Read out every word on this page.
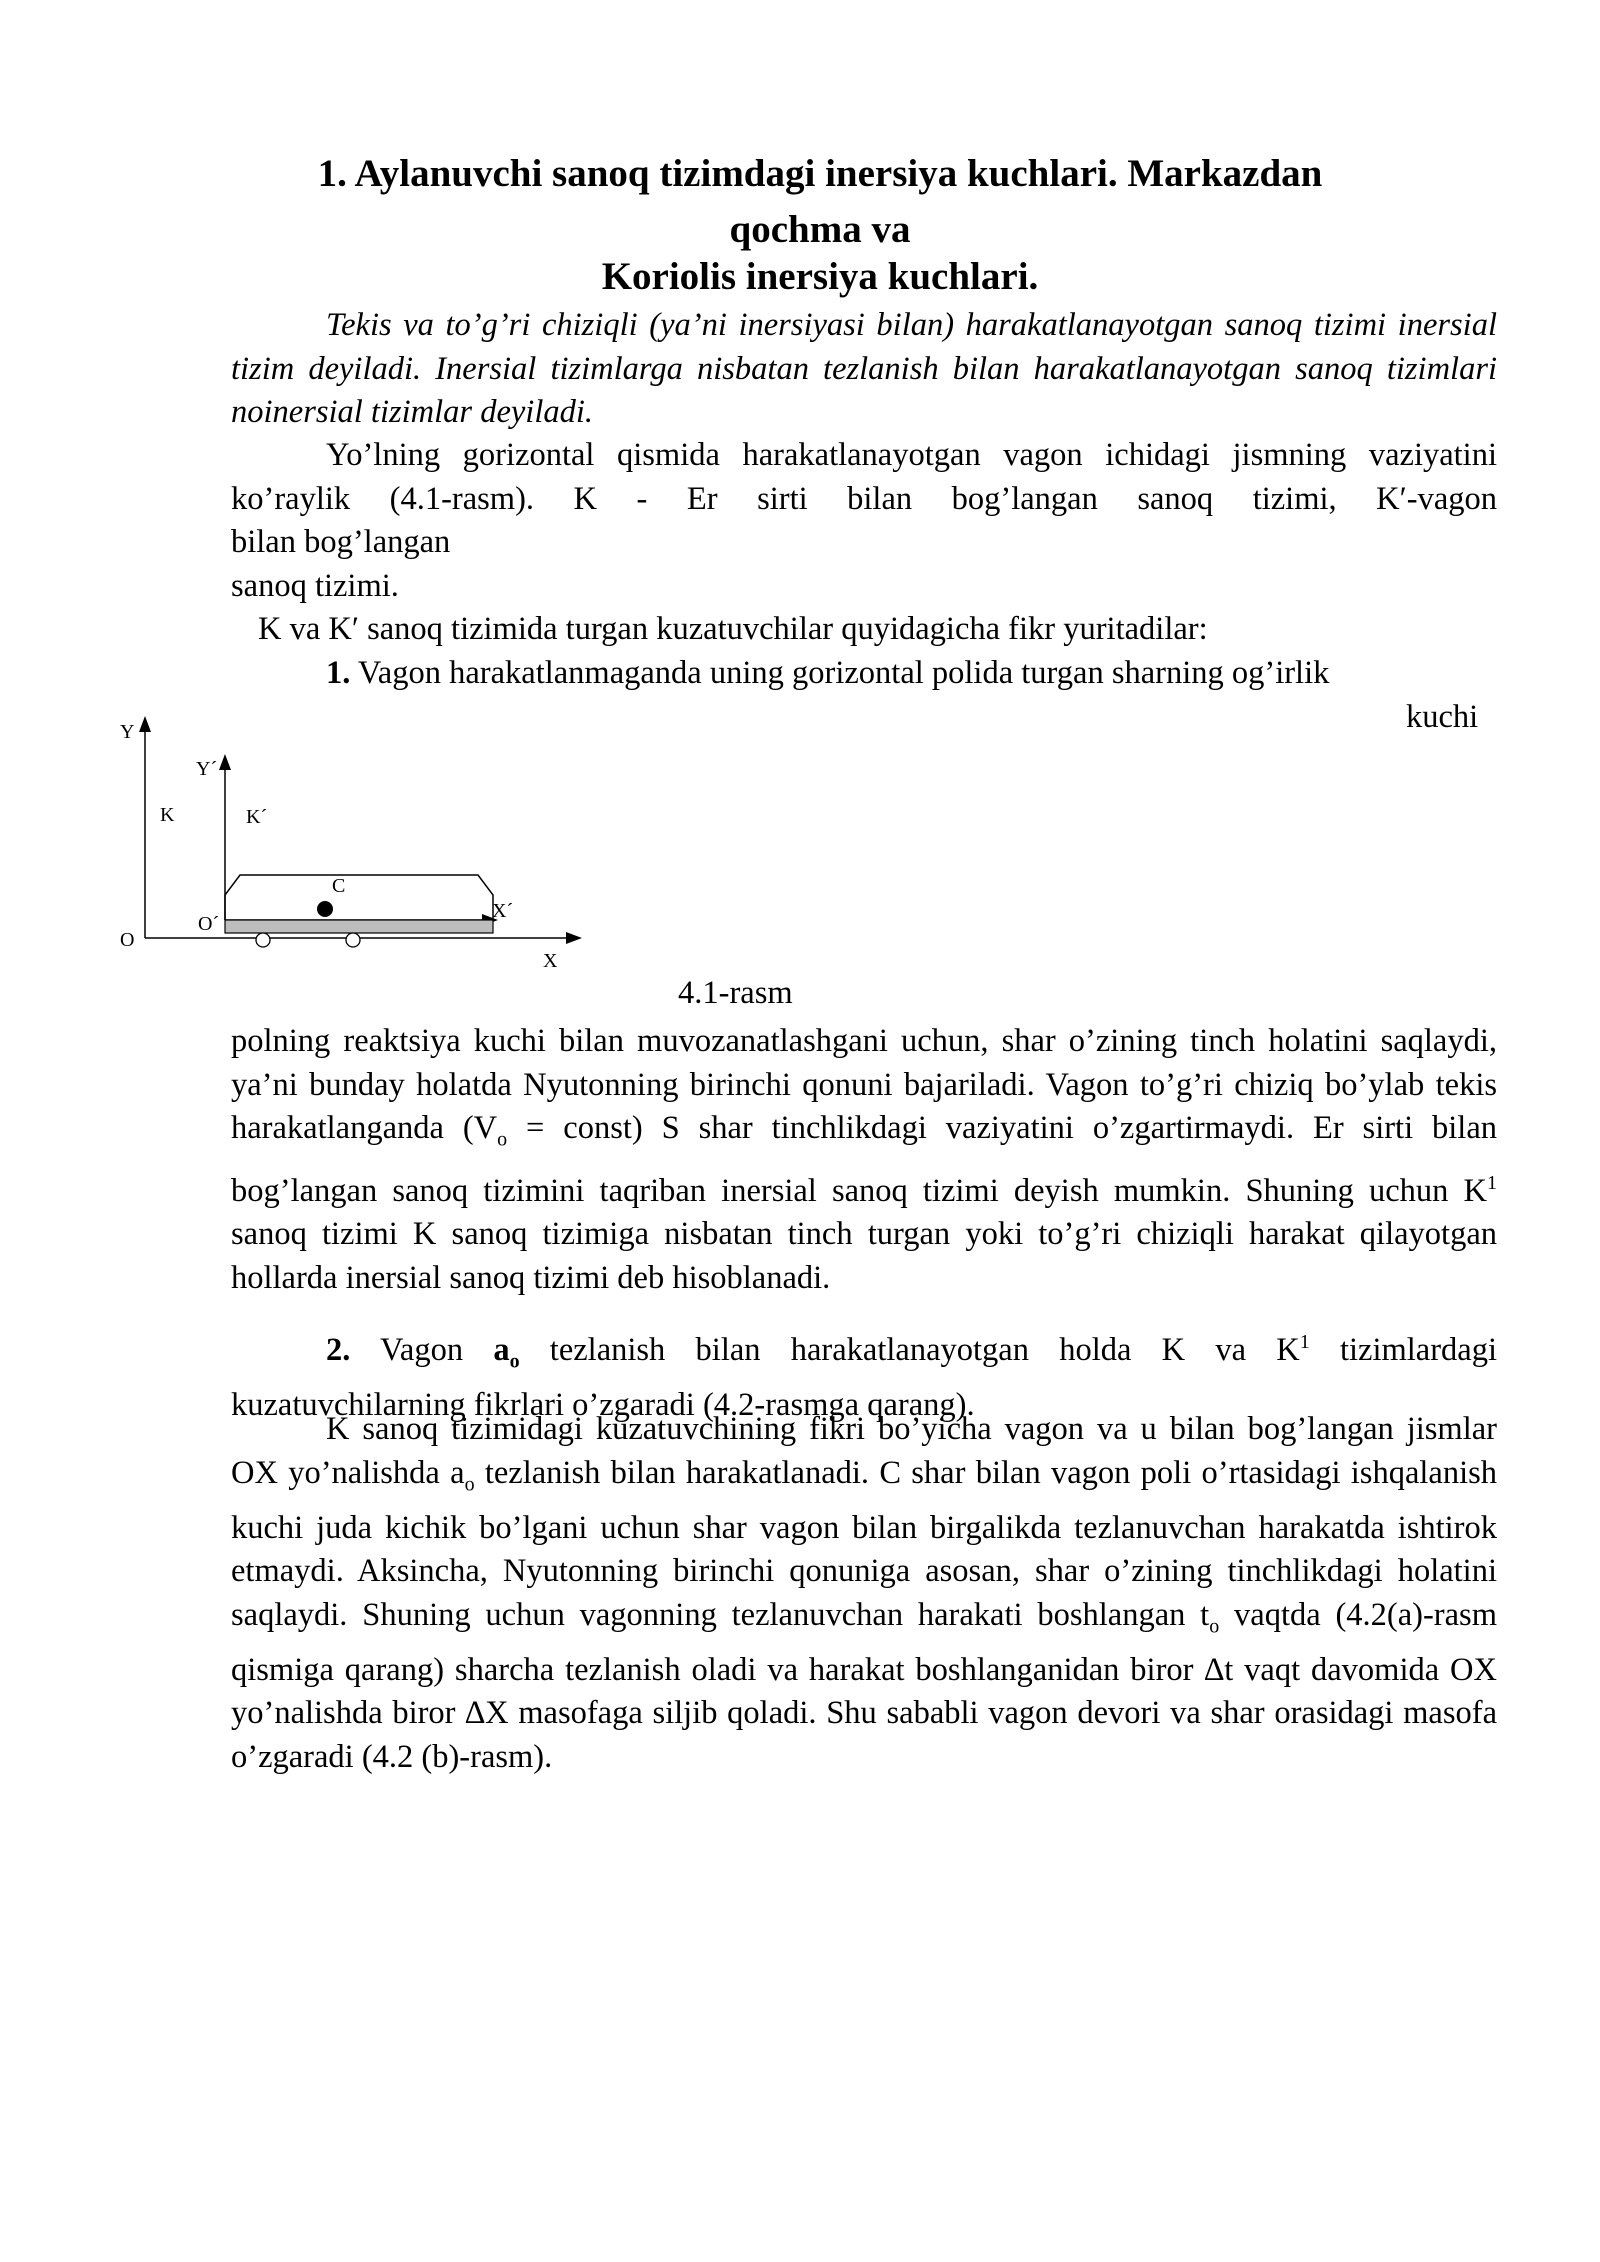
1. Aylanuvchi sanoq tizimdagi inersiya kuchlari. Markazdan
qochma va
Koriolis inersiya kuchlari.

Tekis va to’g’ri chiziqli (ya’ni inersiyasi bilan) harakatlanayotgan sanoq tizimi inersial tizim deyiladi. Inersial tizimlarga nisbatan tezlanish bilan harakatlanayotgan sanoq tizimlari noinersial tizimlar deyiladi.

Yo’lning gorizontal qismida harakatlanayotgan vagon ichidagi jismning vaziyatini ko’raylik (4.1-rasm). K - Er sirti bilan bog’langan sanoq tizimi, K′-vagon

bilan bog’langan

sanoq tizimi.

K va K′ sanoq tizimida turgan kuzatuvchilar quyidagicha fikr yuritadilar:

1. Vagon harakatlanmaganda uning gorizontal polida turgan sharning og’irlik

kuchi

Y
Y´
K	K´
C
X´
O
O´
X
4.1-rasm

polning reaktsiya kuchi bilan muvozanatlashgani uchun, shar o’zining tinch holatini saqlaydi, ya’ni bunday holatda Nyutonning birinchi qonuni bajariladi. Vagon to’g’ri chiziq bo’ylab tekis harakatlanganda ($V_o$ = const) S shar tinchlikdagi vaziyatini o’zgartirmaydi. Er sirti bilan bog’langan sanoq tizimini taqriban inersial sanoq tizimi deyish mumkin. Shuning uchun $K^1$ sanoq tizimi K sanoq tizimiga nisbatan tinch turgan yoki to’g’ri chiziqli harakat qilayotgan hollarda inersial sanoq tizimi deb hisoblanadi.

2. Vagon $a_o$ tezlanish bilan harakatlanayotgan holda K va $K^1$ tizimlardagi kuzatuvchilarning fikrlari o’zgaradi (4.2-rasmga qarang).

K sanoq tizimidagi kuzatuvchining fikri bo’yicha vagon va u bilan bog’langan jismlar OX yo’nalishda $a_o$ tezlanish bilan harakatlanadi. C shar bilan vagon poli o’rtasidagi ishqalanish kuchi juda kichik bo’lgani uchun shar vagon bilan birgalikda tezlanuvchan harakatda ishtirok etmaydi. Aksincha, Nyutonning birinchi qonuniga asosan, shar o’zining tinchlikdagi holatini saqlaydi. Shuning uchun vagonning tezlanuvchan harakati boshlangan $t_o$ vaqtda (4.2(a)-rasm qismiga qarang) sharcha tezlanish oladi va harakat boshlanganidan biror ∆t vaqt davomida OX yo’nalishda biror ∆X masofaga siljib qoladi. Shu sababli vagon devori va shar orasidagi masofa o’zgaradi (4.2 (b)-rasm).
